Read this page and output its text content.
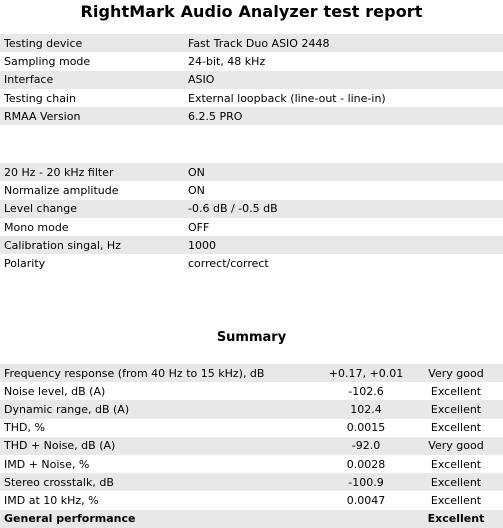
RightMark Audio Analyzer test report
Testing device	Fast Track Duo ASIO 2448
Sampling mode	24-bit, 48 kHz
Interface	ASIO
Testing chain	External loopback (line-out - line-in)
RMAA Version	6.2.5 PRO
20 Hz - 20 kHz filter	ON
Normalize amplitude	ON
Level change	-0.6 dB / -0.5 dB
Mono mode	OFF
Calibration singal, Hz	1000
Polarity	correct/correct
Summary
Frequency response (from 40 Hz to 15 kHz), dB	+0.17, +0.01	Very good
Noise level, dB (A)	-102.6	Excellent
Dynamic range, dB (A)	102.4	Excellent
THD, %	0.0015	Excellent
THD + Noise, dB (A)	-92.0	Very good
IMD + Noise, %	0.0028	Excellent
Stereo crosstalk, dB	-100.9	Excellent
IMD at 10 kHz, %	0.0047	Excellent
General performance		Excellent
